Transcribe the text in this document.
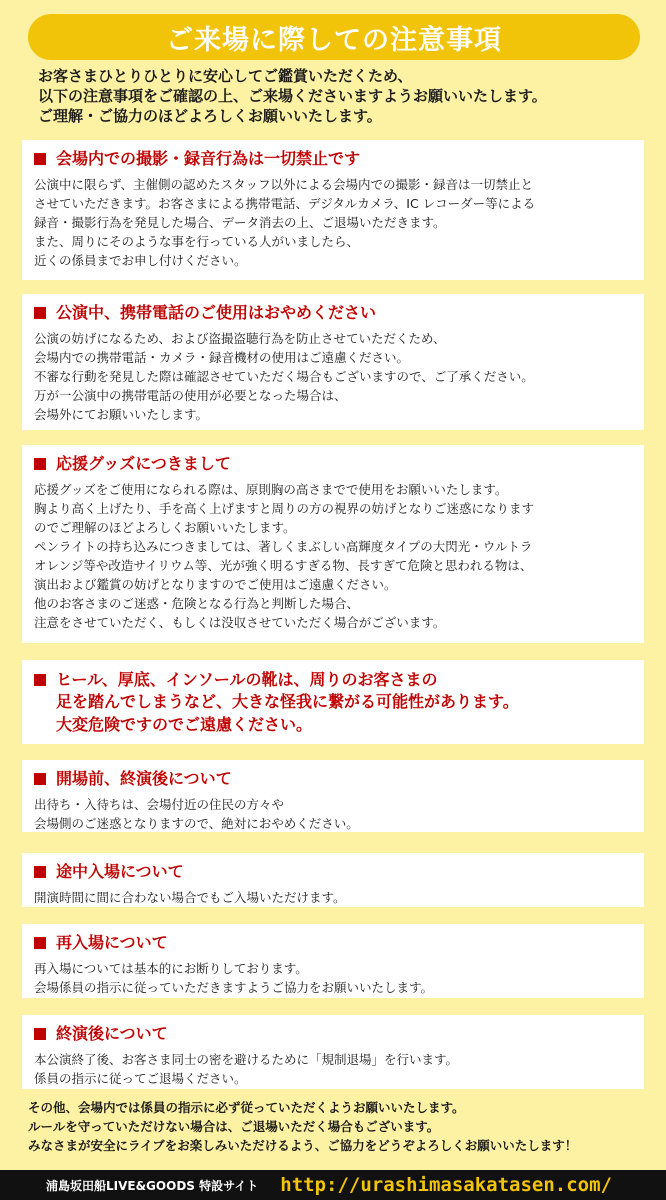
ご来場に際しての注意事項
お客さまひとりひとりに安心してご鑑賞いただくため、
以下の注意事項をご確認の上、ご来場くださいますようお願いいたします。
ご理解・ご協力のほどよろしくお願いいたします。
会場内での撮影・録音行為は一切禁止です
公演中に限らず、主催側の認めたスタッフ以外による会場内での撮影・録音は一切禁止と
させていただきます。お客さまによる携帯電話、デジタルカメラ、IC レコーダー等による
録音・撮影行為を発見した場合、データ消去の上、ご退場いただきます。
また、周りにそのような事を行っている人がいましたら、
近くの係員までお申し付けください。
公演中、携帯電話のご使用はおやめください
公演の妨げになるため、および盗撮盗聴行為を防止させていただくため、
会場内での携帯電話・カメラ・録音機材の使用はご遠慮ください。
不審な行動を発見した際は確認させていただく場合もございますので、ご了承ください。
万が一公演中の携帯電話の使用が必要となった場合は、
会場外にてお願いいたします。
応援グッズにつきまして
応援グッズをご使用になられる際は、原則胸の高さまでで使用をお願いいたします。
胸より高く上げたり、手を高く上げますと周りの方の視界の妨げとなりご迷惑になります
のでご理解のほどよろしくお願いいたします。
ペンライトの持ち込みにつきましては、著しくまぶしい高輝度タイプの大閃光・ウルトラ
オレンジ等や改造サイリウム等、光が強く明るすぎる物、長すぎて危険と思われる物は、
演出および鑑賞の妨げとなりますのでご使用はご遠慮ください。
他のお客さまのご迷惑・危険となる行為と判断した場合、
注意をさせていただく、もしくは没収させていただく場合がございます。
ヒール、厚底、インソールの靴は、周りのお客さまの
足を踏んでしまうなど、大きな怪我に繋がる可能性があります。
大変危険ですのでご遠慮ください。
開場前、終演後について
出待ち・入待ちは、会場付近の住民の方々や
会場側のご迷惑となりますので、絶対におやめください。
途中入場について
開演時間に間に合わない場合でもご入場いただけます。
再入場について
再入場については基本的にお断りしております。
会場係員の指示に従っていただきますようご協力をお願いいたします。
終演後について
本公演終了後、お客さま同士の密を避けるために「規制退場」を行います。
係員の指示に従ってご退場ください。
その他、会場内では係員の指示に必ず従っていただくようお願いいたします。
ルールを守っていただけない場合は、ご退場いただく場合もございます。
みなさまが安全にライブをお楽しみいただけるよう、ご協力をどうぞよろしくお願いいたします！
浦島坂田船LIVE&GOODS 特設サイト http://urashimasakatasen.com/
